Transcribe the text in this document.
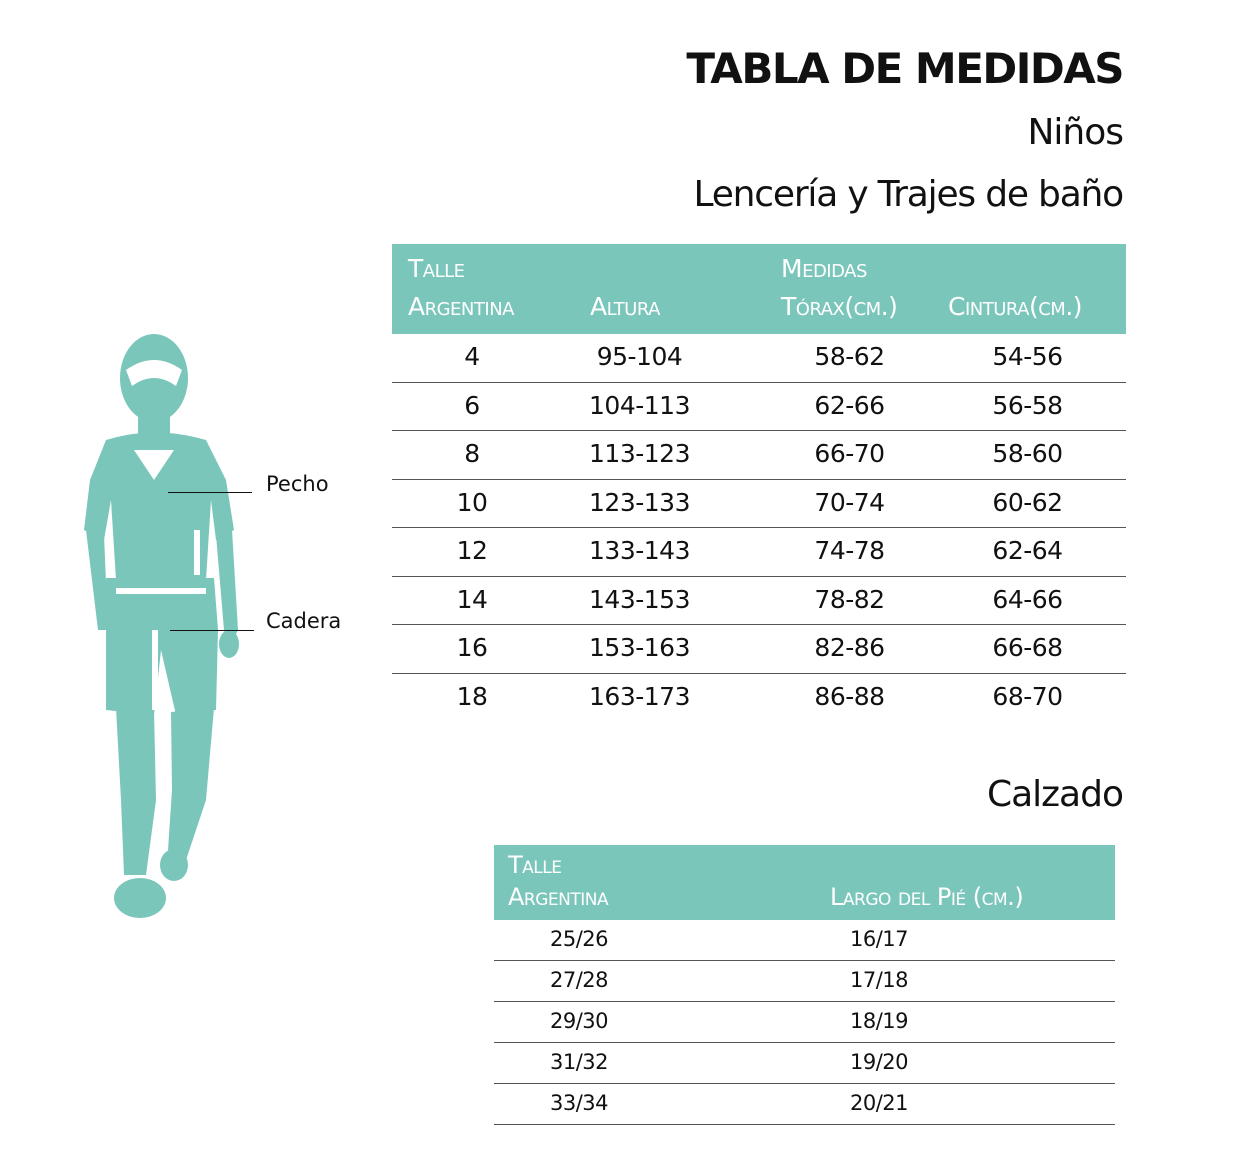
TABLA DE MEDIDAS
Niños
Lencería y Trajes de baño
Calzado
Pecho
Cadera
Talle
Argentina	Altura
Medidas
Tórax(cm.) Cintura(cm.)
4	95-104	58-62	54-56
6	104-113	62-66	56-58
8	113-123	66-70	58-60
10	123-133	70-74	60-62
12	133-143	74-78	62-64
14	143-153	78-82	64-66
16	153-163	82-86	66-68
18	163-173	86-88	68-70
Talle
Argentina	Largo del Pié (cm.)
25/26	16/17
27/28	17/18
29/30	18/19
31/32	19/20
33/34	20/21
